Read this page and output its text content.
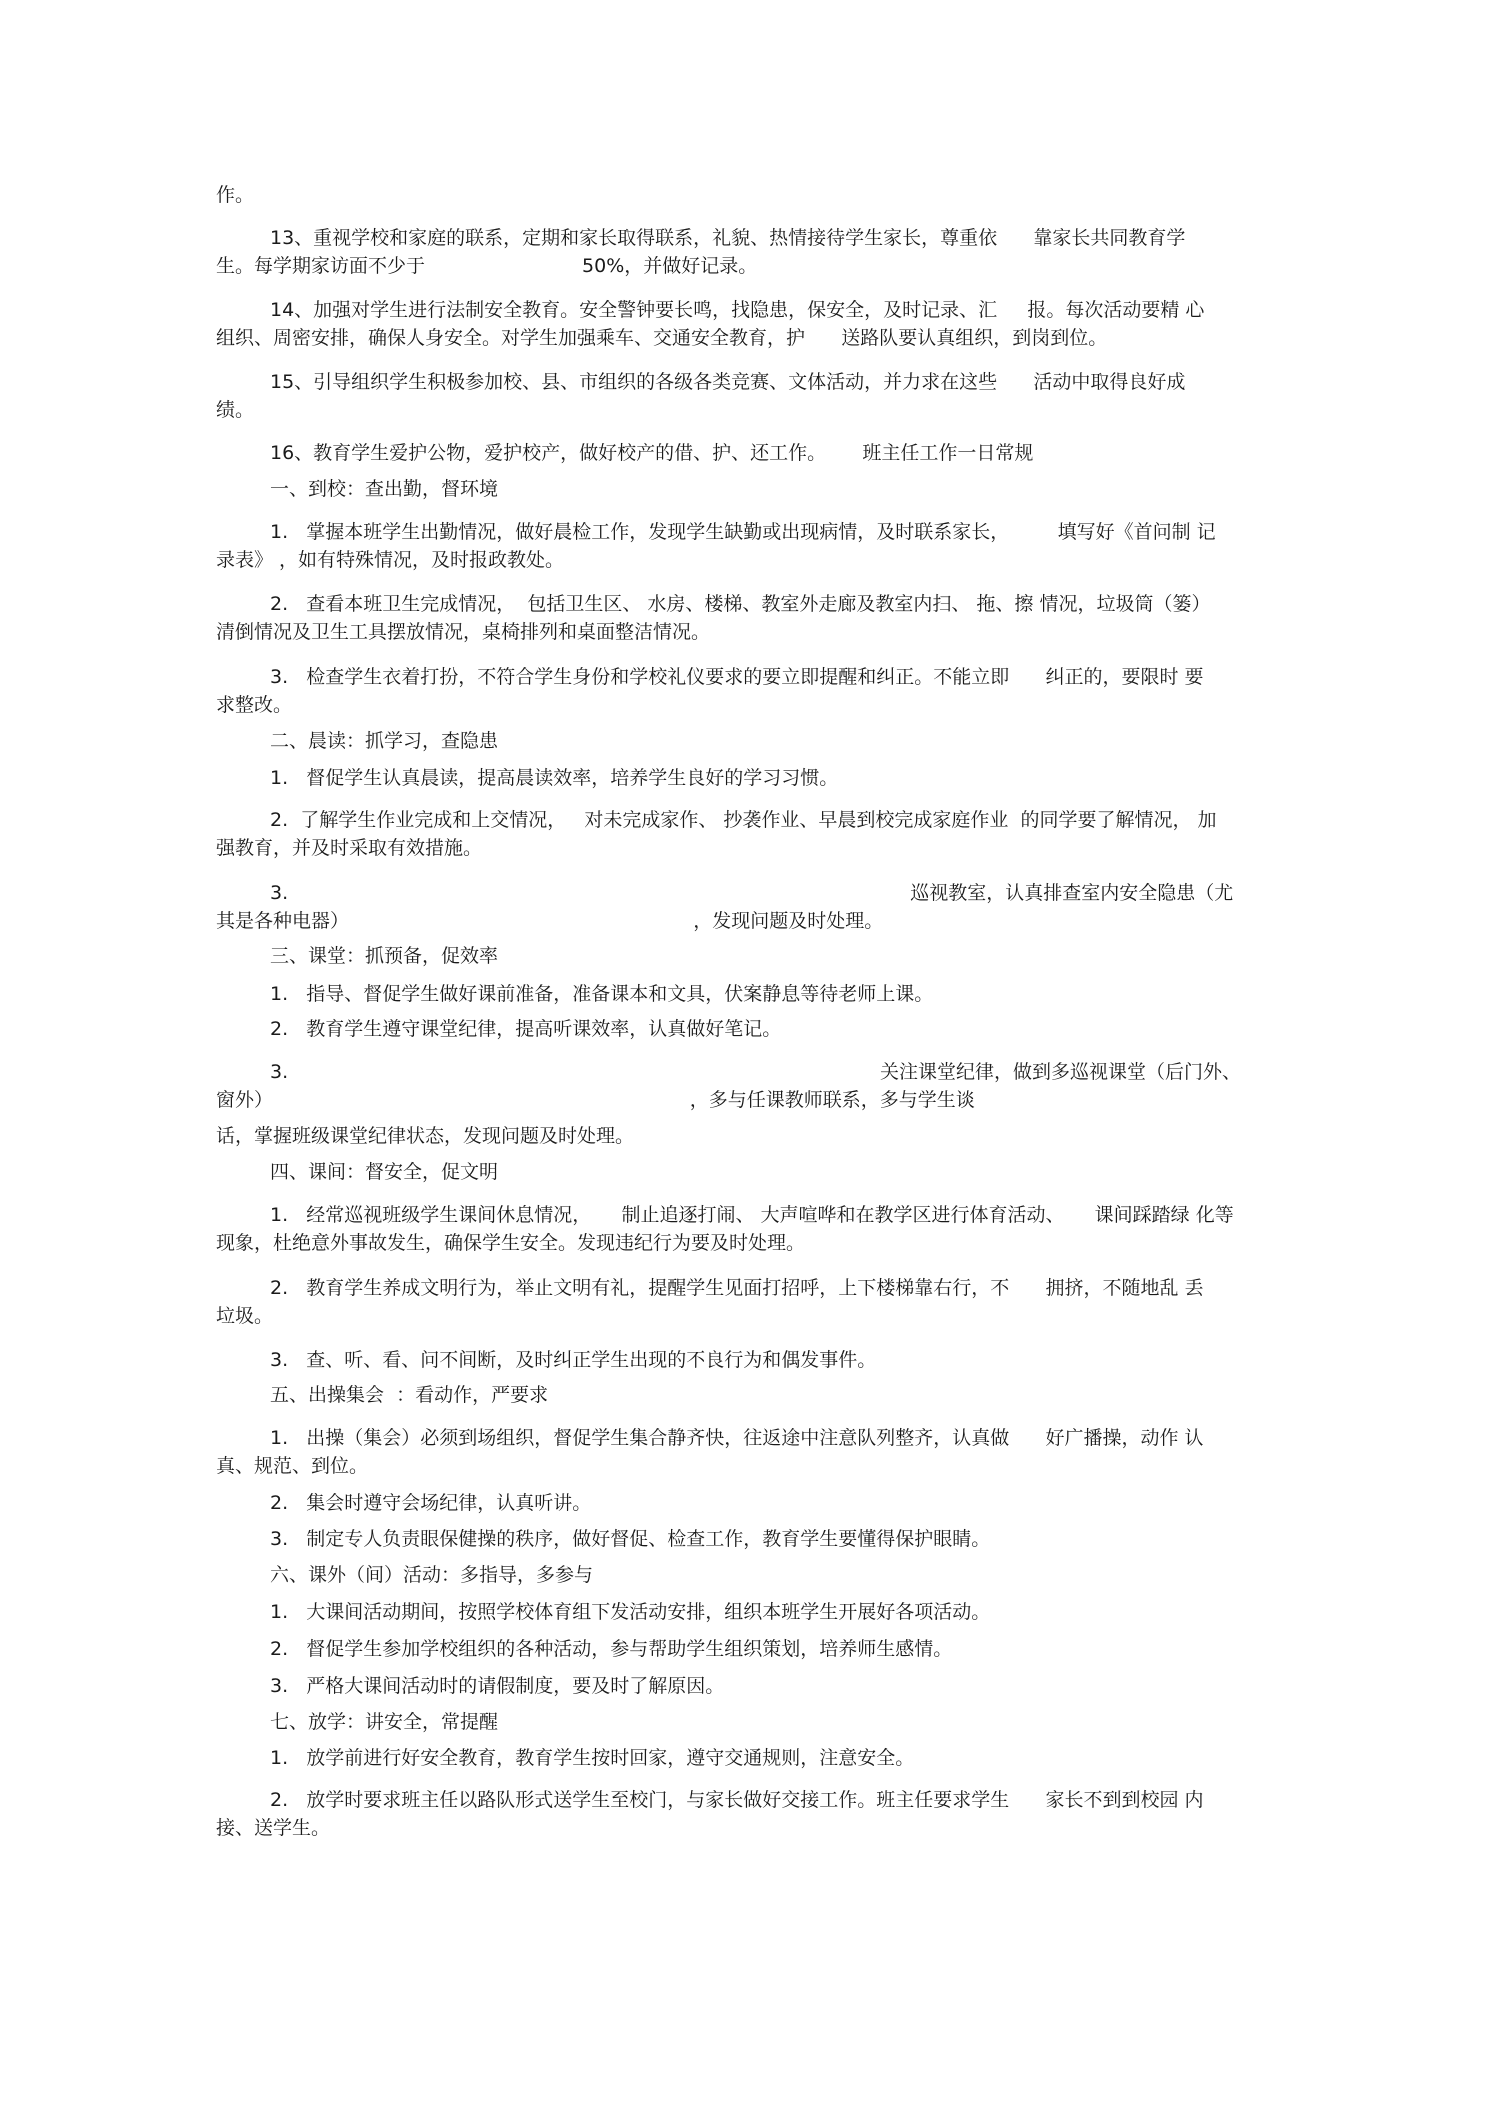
作。
13、重视学校和家庭的联系，定期和家长取得联系，礼貌、热情接待学生家长，尊重依      靠家长共同教育学
生。每学期家访面不少于                          50%，并做好记录。
14、加强对学生进行法制安全教育。安全警钟要长鸣，找隐患，保安全，及时记录、汇     报。每次活动要精 心
组织、周密安排，确保人身安全。对学生加强乘车、交通安全教育，护      送路队要认真组织，到岗到位。
15、引导组织学生积极参加校、县、市组织的各级各类竞赛、文体活动，并力求在这些      活动中取得良好成
绩。
16、教育学生爱护公物，爱护校产，做好校产的借、护、还工作。      班主任工作一日常规
一、到校：查出勤，督环境
1.   掌握本班学生出勤情况，做好晨检工作，发现学生缺勤或出现病情，及时联系家长，        填写好《首问制 记
录表》 ，如有特殊情况，及时报政教处。
2.   查看本班卫生完成情况，  包括卫生区、 水房、楼梯、教室外走廊及教室内扫、 拖、擦 情况，垃圾筒（篓）
清倒情况及卫生工具摆放情况，桌椅排列和桌面整洁情况。
3.   检查学生衣着打扮，不符合学生身份和学校礼仪要求的要立即提醒和纠正。不能立即      纠正的，要限时 要
求整改。
二、晨读：抓学习，查隐患
1.   督促学生认真晨读，提高晨读效率，培养学生良好的学习习惯。
2.  了解学生作业完成和上交情况，   对未完成家作、 抄袭作业、早晨到校完成家庭作业  的同学要了解情况， 加
强教育，并及时采取有效措施。
3.                                                                                                       巡视教室，认真排查室内安全隐患（尤
其是各种电器）                                                         ，发现问题及时处理。
三、课堂：抓预备，促效率
1.   指导、督促学生做好课前准备，准备课本和文具，伏案静息等待老师上课。
2.   教育学生遵守课堂纪律，提高听课效率，认真做好笔记。
3.                                                                                                  关注课堂纪律，做到多巡视课堂（后门外、
窗外）                                                                     ，多与任课教师联系，多与学生谈
话，掌握班级课堂纪律状态，发现问题及时处理。
四、课间：督安全，促文明
1.   经常巡视班级学生课间休息情况，     制止追逐打闹、 大声喧哗和在教学区进行体育活动、     课间踩踏绿 化等
现象，杜绝意外事故发生，确保学生安全。发现违纪行为要及时处理。
2.   教育学生养成文明行为，举止文明有礼，提醒学生见面打招呼，上下楼梯靠右行，不      拥挤，不随地乱 丢
垃圾。
3.   查、听、看、问不间断，及时纠正学生出现的不良行为和偶发事件。
五、出操集会  ：看动作，严要求
1.   出操（集会）必须到场组织，督促学生集合静齐快，往返途中注意队列整齐，认真做      好广播操，动作 认
真、规范、到位。
2.   集会时遵守会场纪律，认真听讲。
3.   制定专人负责眼保健操的秩序，做好督促、检查工作，教育学生要懂得保护眼睛。
六、课外（间）活动：多指导，多参与
1.   大课间活动期间，按照学校体育组下发活动安排，组织本班学生开展好各项活动。
2.   督促学生参加学校组织的各种活动，参与帮助学生组织策划，培养师生感情。
3.   严格大课间活动时的请假制度，要及时了解原因。
七、放学：讲安全，常提醒
1.   放学前进行好安全教育，教育学生按时回家，遵守交通规则，注意安全。
2.   放学时要求班主任以路队形式送学生至校门，与家长做好交接工作。班主任要求学生      家长不到到校园 内
接、送学生。
